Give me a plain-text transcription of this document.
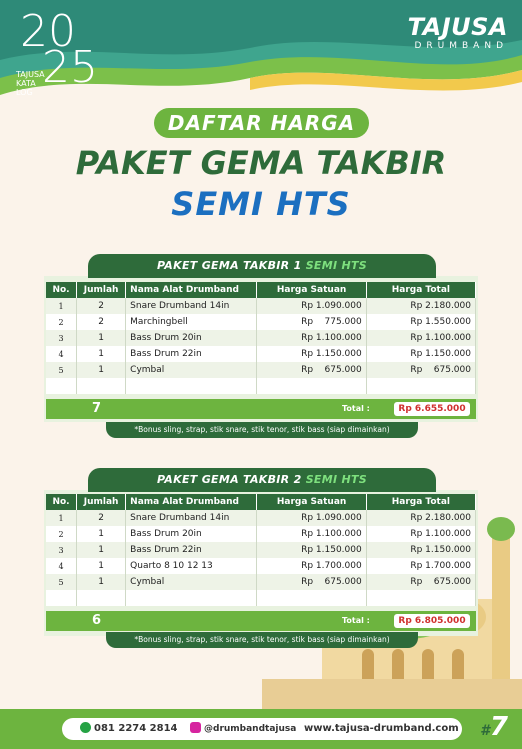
20
25
TAJUSA KATA LOG
TAJUSA
DRUMBAND
DAFTAR HARGA
PAKET GEMA TAKBIR
SEMI HTS
PAKET GEMA TAKBIR 1 SEMI HTS
No.	Jumlah	Nama Alat Drumband	Harga Satuan	Harga Total
1	2	Snare Drumband 14in	Rp 1.090.000	Rp 2.180.000
2	2	Marchingbell	Rp    775.000	Rp 1.550.000
3	1	Bass Drum 20in	Rp 1.100.000	Rp 1.100.000
4	1	Bass Drum 22in	Rp 1.150.000	Rp 1.150.000
5	1	Cymbal	Rp    675.000	Rp    675.000

7	Total :	Rp 6.655.000
*Bonus sling, strap, stik snare, stik tenor, stik bass (siap dimainkan)
PAKET GEMA TAKBIR 2 SEMI HTS
No.	Jumlah	Nama Alat Drumband	Harga Satuan	Harga Total
1	2	Snare Drumband 14in	Rp 1.090.000	Rp 2.180.000
2	1	Bass Drum 20in	Rp 1.100.000	Rp 1.100.000
3	1	Bass Drum 22in	Rp 1.150.000	Rp 1.150.000
4	1	Quarto 8 10 12 13	Rp 1.700.000	Rp 1.700.000
5	1	Cymbal	Rp    675.000	Rp    675.000

6	Total :	Rp 6.805.000
*Bonus sling, strap, stik snare, stik tenor, stik bass (siap dimainkan)
081 2274 2814	@drumbandtajusa www.tajusa-drumband.com #7
